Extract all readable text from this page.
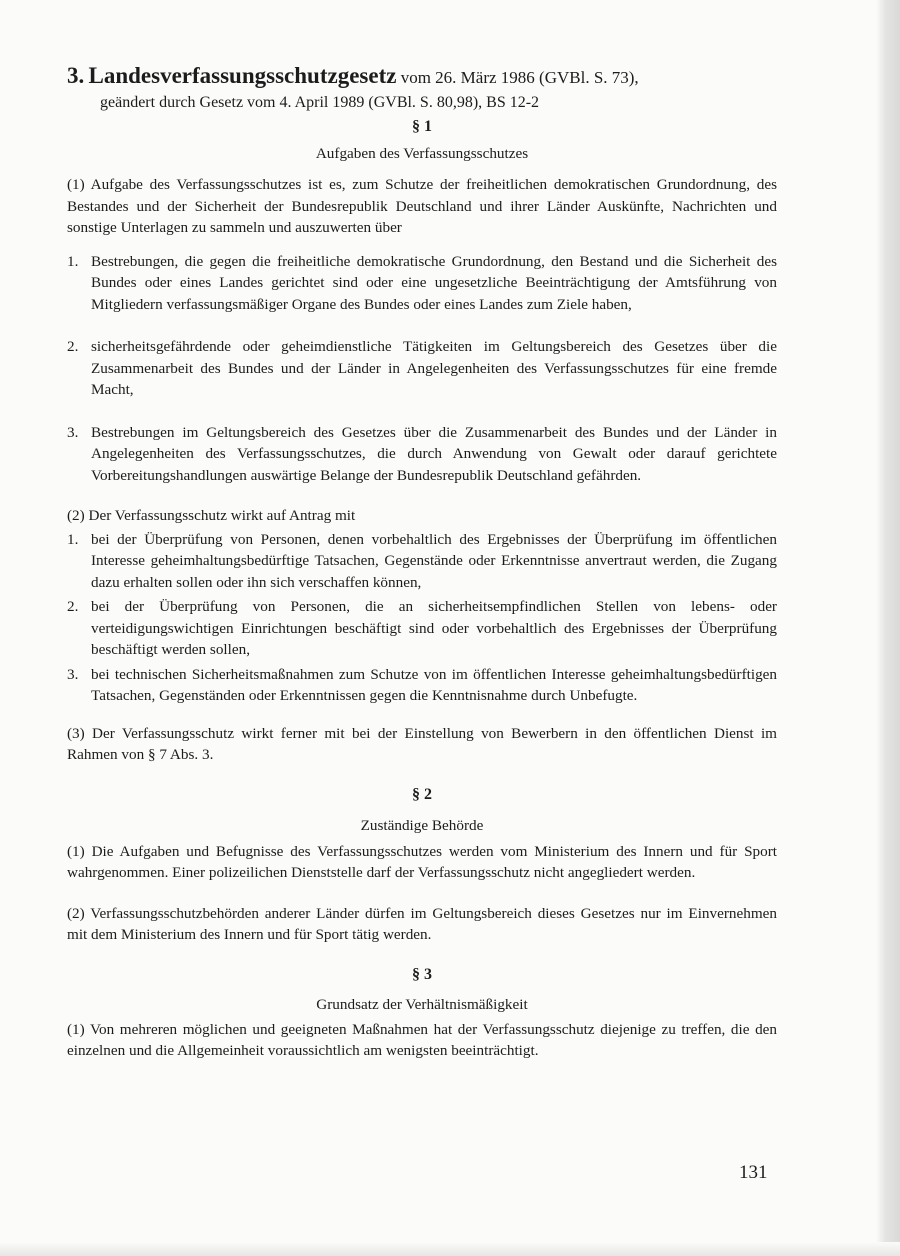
3. Landesverfassungsschutzgesetz vom 26. März 1986 (GVBl. S. 73),

geändert durch Gesetz vom 4. April 1989 (GVBl. S. 80,98), BS 12-2

§ 1

Aufgaben des Verfassungsschutzes

(1) Aufgabe des Verfassungsschutzes ist es, zum Schutze der freiheitlichen demokratischen Grundordnung, des Bestandes und der Sicherheit der Bundesrepublik Deutschland und ihrer Länder Auskünfte, Nachrichten und sonstige Unterlagen zu sammeln und auszuwerten über

1. Bestrebungen, die gegen die freiheitliche demokratische Grundordnung, den Bestand und die Sicherheit des Bundes oder eines Landes gerichtet sind oder eine ungesetzliche Beeinträchtigung der Amtsführung von Mitgliedern verfassungsmäßiger Organe des Bundes oder eines Landes zum Ziele haben,
2. sicherheitsgefährdende oder geheimdienstliche Tätigkeiten im Geltungsbereich des Gesetzes über die Zusammenarbeit des Bundes und der Länder in Angelegenheiten des Verfassungsschutzes für eine fremde Macht,
3. Bestrebungen im Geltungsbereich des Gesetzes über die Zusammenarbeit des Bundes und der Länder in Angelegenheiten des Verfassungsschutzes, die durch Anwendung von Gewalt oder darauf gerichtete Vorbereitungshandlungen auswärtige Belange der Bundesrepublik Deutschland gefährden.

(2) Der Verfassungsschutz wirkt auf Antrag mit

1. bei der Überprüfung von Personen, denen vorbehaltlich des Ergebnisses der Überprüfung im öffentlichen Interesse geheimhaltungsbedürftige Tatsachen, Gegenstände oder Erkenntnisse anvertraut werden, die Zugang dazu erhalten sollen oder ihn sich verschaffen können,
2. bei der Überprüfung von Personen, die an sicherheitsempfindlichen Stellen von lebens- oder verteidigungswichtigen Einrichtungen beschäftigt sind oder vorbehaltlich des Ergebnisses der Überprüfung beschäftigt werden sollen,
3. bei technischen Sicherheitsmaßnahmen zum Schutze von im öffentlichen Interesse geheimhaltungsbedürftigen Tatsachen, Gegenständen oder Erkenntnissen gegen die Kenntnisnahme durch Unbefugte.

(3) Der Verfassungsschutz wirkt ferner mit bei der Einstellung von Bewerbern in den öffentlichen Dienst im Rahmen von § 7 Abs. 3.

§ 2

Zuständige Behörde

(1) Die Aufgaben und Befugnisse des Verfassungsschutzes werden vom Ministerium des Innern und für Sport wahrgenommen. Einer polizeilichen Dienststelle darf der Verfassungsschutz nicht angegliedert werden.

(2) Verfassungsschutzbehörden anderer Länder dürfen im Geltungsbereich dieses Gesetzes nur im Einvernehmen mit dem Ministerium des Innern und für Sport tätig werden.

§ 3

Grundsatz der Verhältnismäßigkeit

(1) Von mehreren möglichen und geeigneten Maßnahmen hat der Verfassungsschutz diejenige zu treffen, die den einzelnen und die Allgemeinheit voraussichtlich am wenigsten beeinträchtigt.

131
